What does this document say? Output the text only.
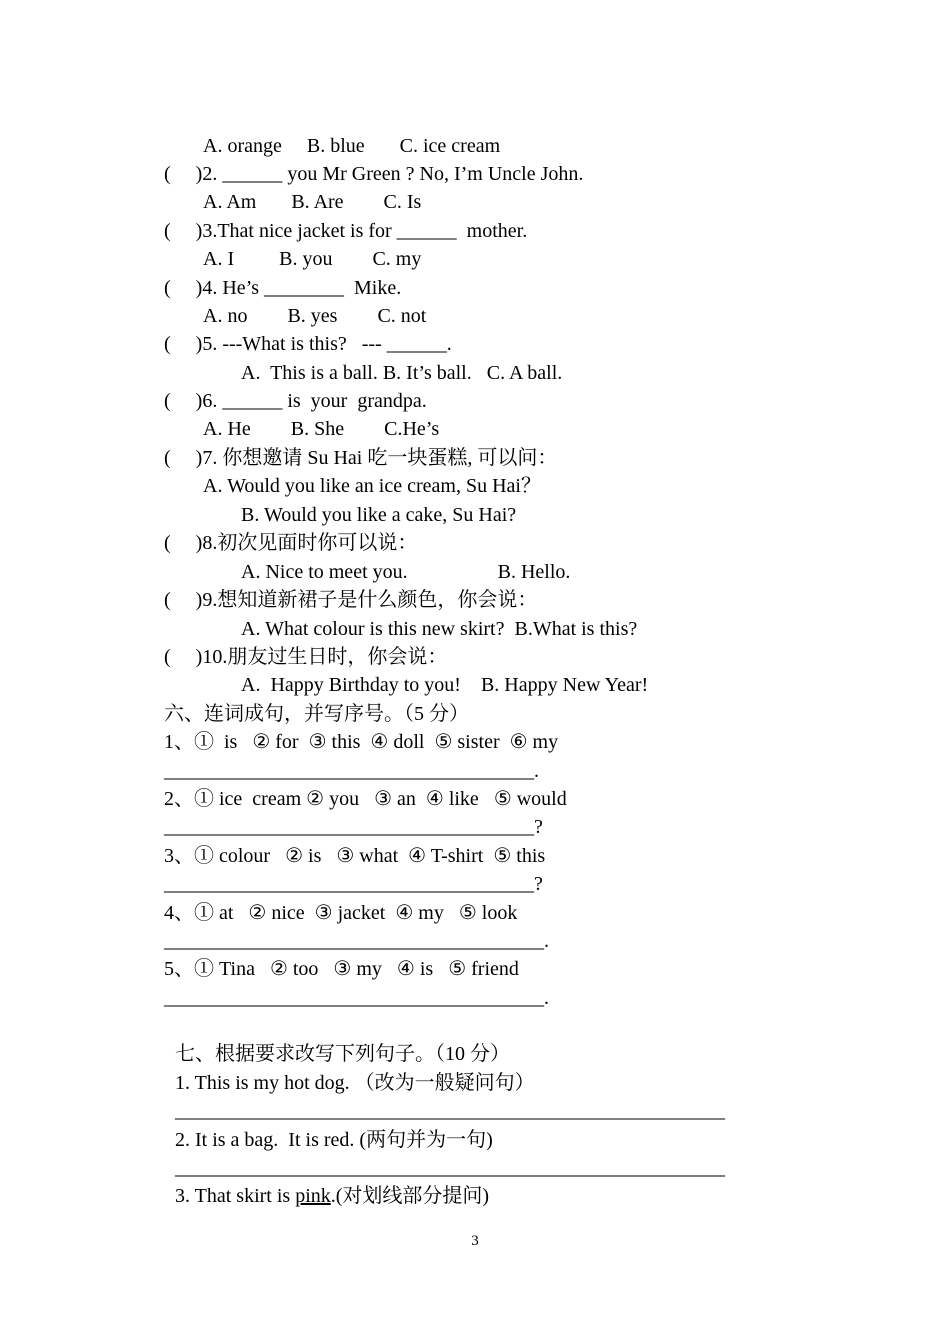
A. orange     B. blue       C. ice cream
(     )2. ______ you Mr Green ? No, I’m Uncle John.
A. Am       B. Are        C. Is
(     )3.That nice jacket is for ______  mother.
A. I         B. you        C. my
(     )4. He’s ________  Mike.
A. no        B. yes        C. not
(     )5. ---What is this?   --- ______.
A.  This is a ball. B. It’s ball.   C. A ball.
(     )6. ______ is  your  grandpa.
A. He        B. She        C.He’s
(     )7. 你想邀请 Su Hai 吃一块蛋糕, 可以问：
A. Would you like an ice cream, Su Hai？
B. Would you like a cake, Su Hai?
(     )8.初次见面时你可以说：
A. Nice to meet you.                  B. Hello.
(     )9.想知道新裙子是什么颜色，你会说：
A. What colour is this new skirt?  B.What is this?
(     )10.朋友过生日时，你会说：
A.  Happy Birthday to you!    B. Happy New Year!
六、连词成句，并写序号。（5 分）
1、①  is   ② for  ③ this  ④ doll  ⑤ sister  ⑥ my
_____________________________________.
2、① ice  cream ② you   ③ an  ④ like   ⑤ would
_____________________________________?
3、① colour   ② is   ③ what  ④ T-shirt  ⑤ this
_____________________________________?
4、① at   ② nice  ③ jacket  ④ my   ⑤ look
______________________________________.
5、① Tina   ② too   ③ my   ④ is   ⑤ friend
______________________________________.
七、根据要求改写下列句子。（10 分）
1. This is my hot dog. （改为一般疑问句）
_______________________________________________________
2. It is a bag.  It is red. (两句并为一句)
_______________________________________________________
3. That skirt is pink.(对划线部分提问)
3
